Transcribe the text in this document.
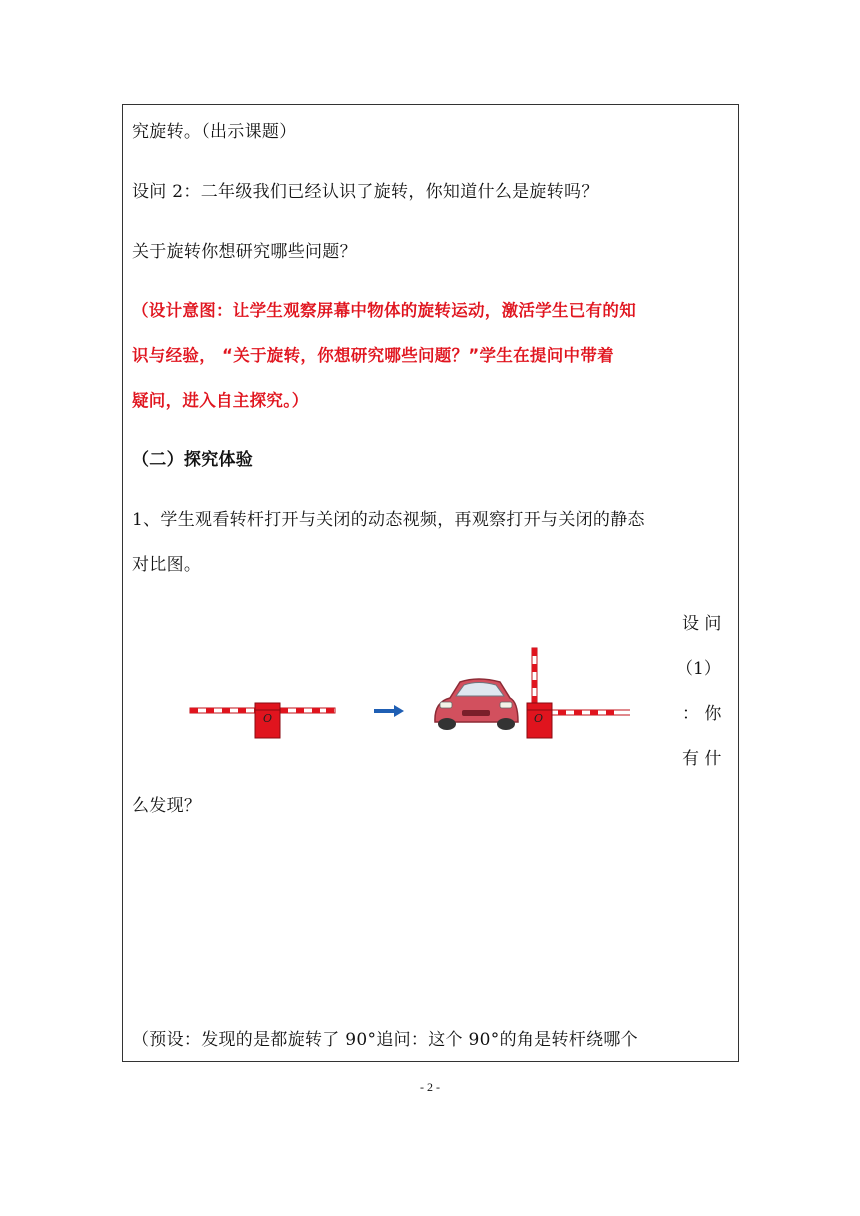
究旋转。（出示课题）
设问 2：二年级我们已经认识了旋转，你知道什么是旋转吗？
关于旋转你想研究哪些问题？
（设计意图：让学生观察屏幕中物体的旋转运动，激活学生已有的知
识与经验， “关于旋转，你想研究哪些问题？”学生在提问中带着
疑问，进入自主探究。）
（二）探究体验
1、学生观看转杆打开与关闭的动态视频，再观察打开与关闭的静态
对比图。
设 问
（1）
： 你
有 什
么发现？
（预设：发现的是都旋转了 90°追问：这个 90°的角是转杆绕哪个
O	O
- 2 -
